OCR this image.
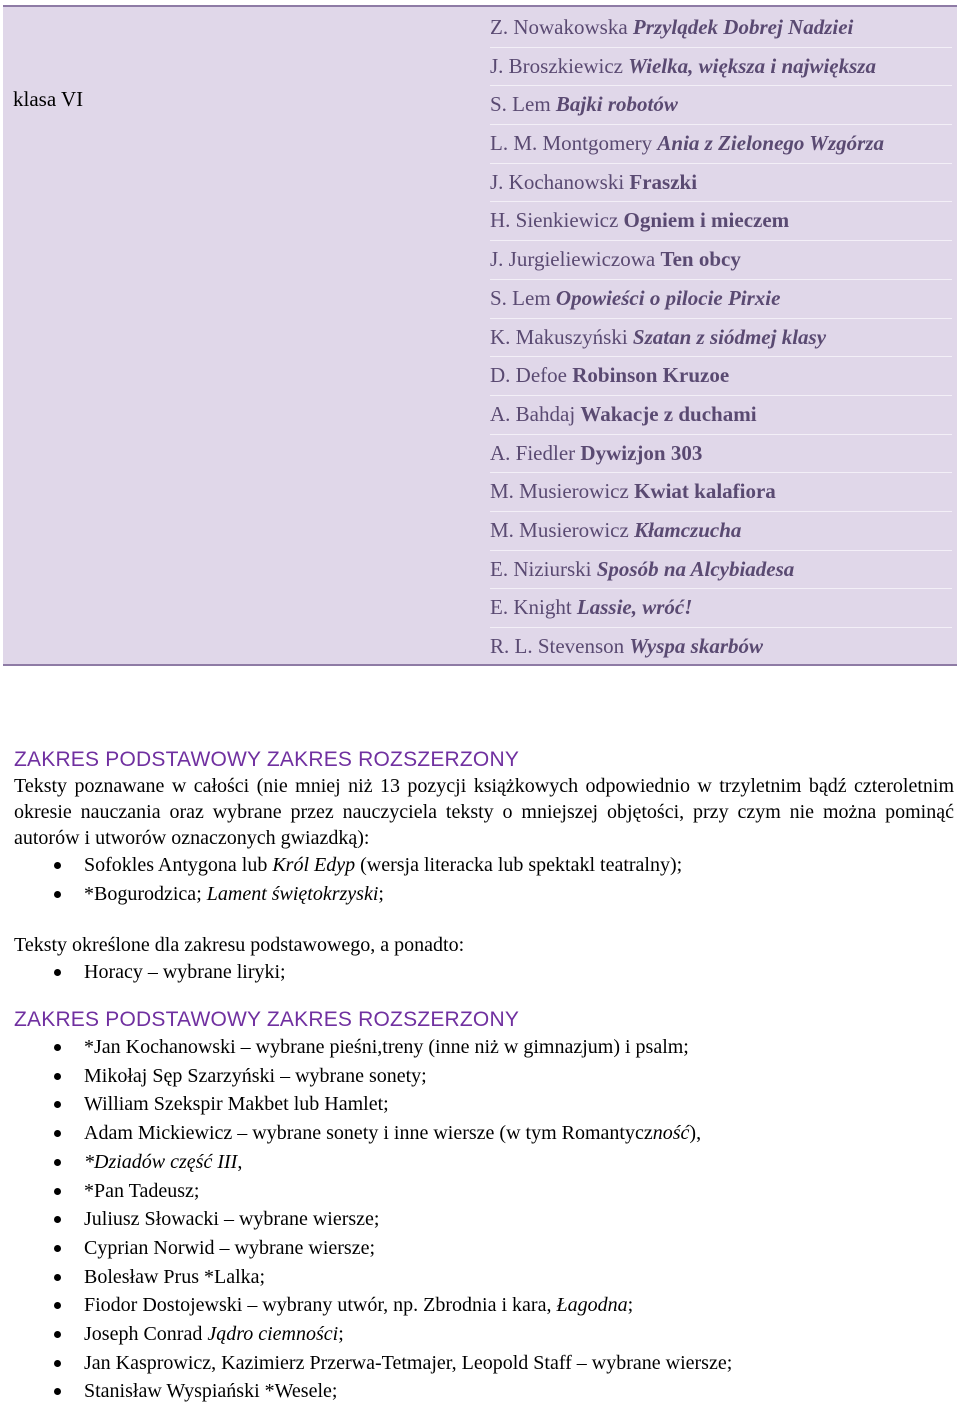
klasa VI
Z. Nowakowska Przylądek Dobrej Nadziei
J. Broszkiewicz Wielka, większa i największa
S. Lem Bajki robotów
L. M. Montgomery Ania z Zielonego Wzgórza
J. Kochanowski Fraszki
H. Sienkiewicz Ogniem i mieczem
J. Jurgieliewiczowa Ten obcy
S. Lem Opowieści o pilocie Pirxie
K. Makuszyński Szatan z siódmej klasy
D. Defoe Robinson Kruzoe
A. Bahdaj Wakacje z duchami
A. Fiedler Dywizjon 303
M. Musierowicz Kwiat kalafiora
M. Musierowicz Kłamczucha
E. Niziurski Sposób na Alcybiadesa
E. Knight Lassie, wróć!
R. L. Stevenson Wyspa skarbów
ZAKRES PODSTAWOWY ZAKRES ROZSZERZONY
Teksty poznawane w całości (nie mniej niż 13 pozycji książkowych odpowiednio w trzyletnim bądź czteroletnim okresie nauczania oraz wybrane przez nauczyciela teksty o mniejszej objętości, przy czym nie można pominąć autorów i utworów oznaczonych gwiazdką):
Sofokles Antygona lub Król Edyp (wersja literacka lub spektakl teatralny);
*Bogurodzica; Lament świętokrzyski;
Teksty określone dla zakresu podstawowego, a ponadto:
Horacy – wybrane liryki;
ZAKRES PODSTAWOWY ZAKRES ROZSZERZONY
*Jan Kochanowski – wybrane pieśni,treny (inne niż w gimnazjum) i psalm;
Mikołaj Sęp Szarzyński – wybrane sonety;
William Szekspir Makbet lub Hamlet;
Adam Mickiewicz – wybrane sonety i inne wiersze (w tym Romantyczność),
*Dziadów część III,
*Pan Tadeusz;
Juliusz Słowacki – wybrane wiersze;
Cyprian Norwid – wybrane wiersze;
Bolesław Prus *Lalka;
Fiodor Dostojewski – wybrany utwór, np. Zbrodnia i kara, Łagodna;
Joseph Conrad Jądro ciemności;
Jan Kasprowicz, Kazimierz Przerwa-Tetmajer, Leopold Staff – wybrane wiersze;
Stanisław Wyspiański *Wesele;
